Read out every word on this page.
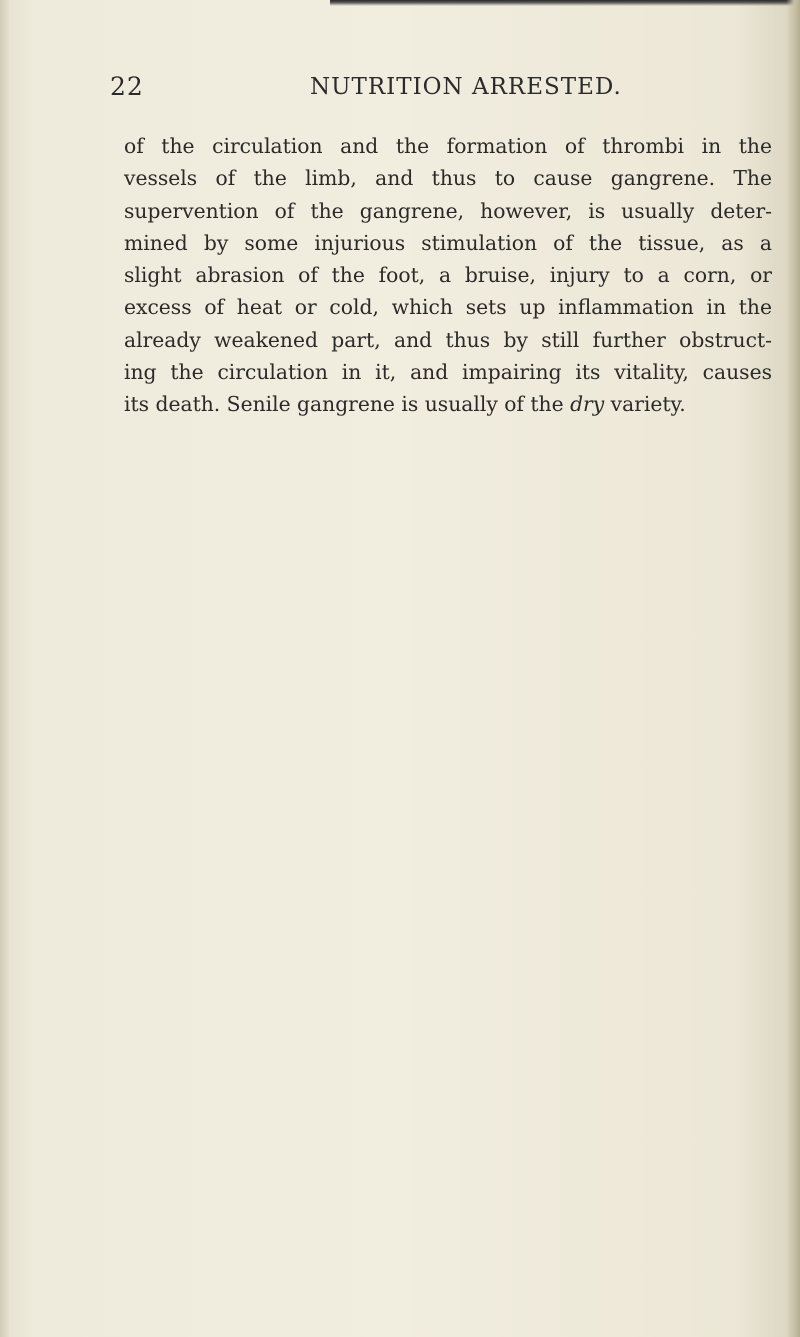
22	NUTRITION ARRESTED.
of the circulation and the formation of thrombi in the
vessels of the limb, and thus to cause gangrene. The
supervention of the gangrene, however, is usually deter-
mined by some injurious stimulation of the tissue, as a
slight abrasion of the foot, a bruise, injury to a corn, or
excess of heat or cold, which sets up inflammation in the
already weakened part, and thus by still further obstruct-
ing the circulation in it, and impairing its vitality, causes
its death. Senile gangrene is usually of the dry variety.
